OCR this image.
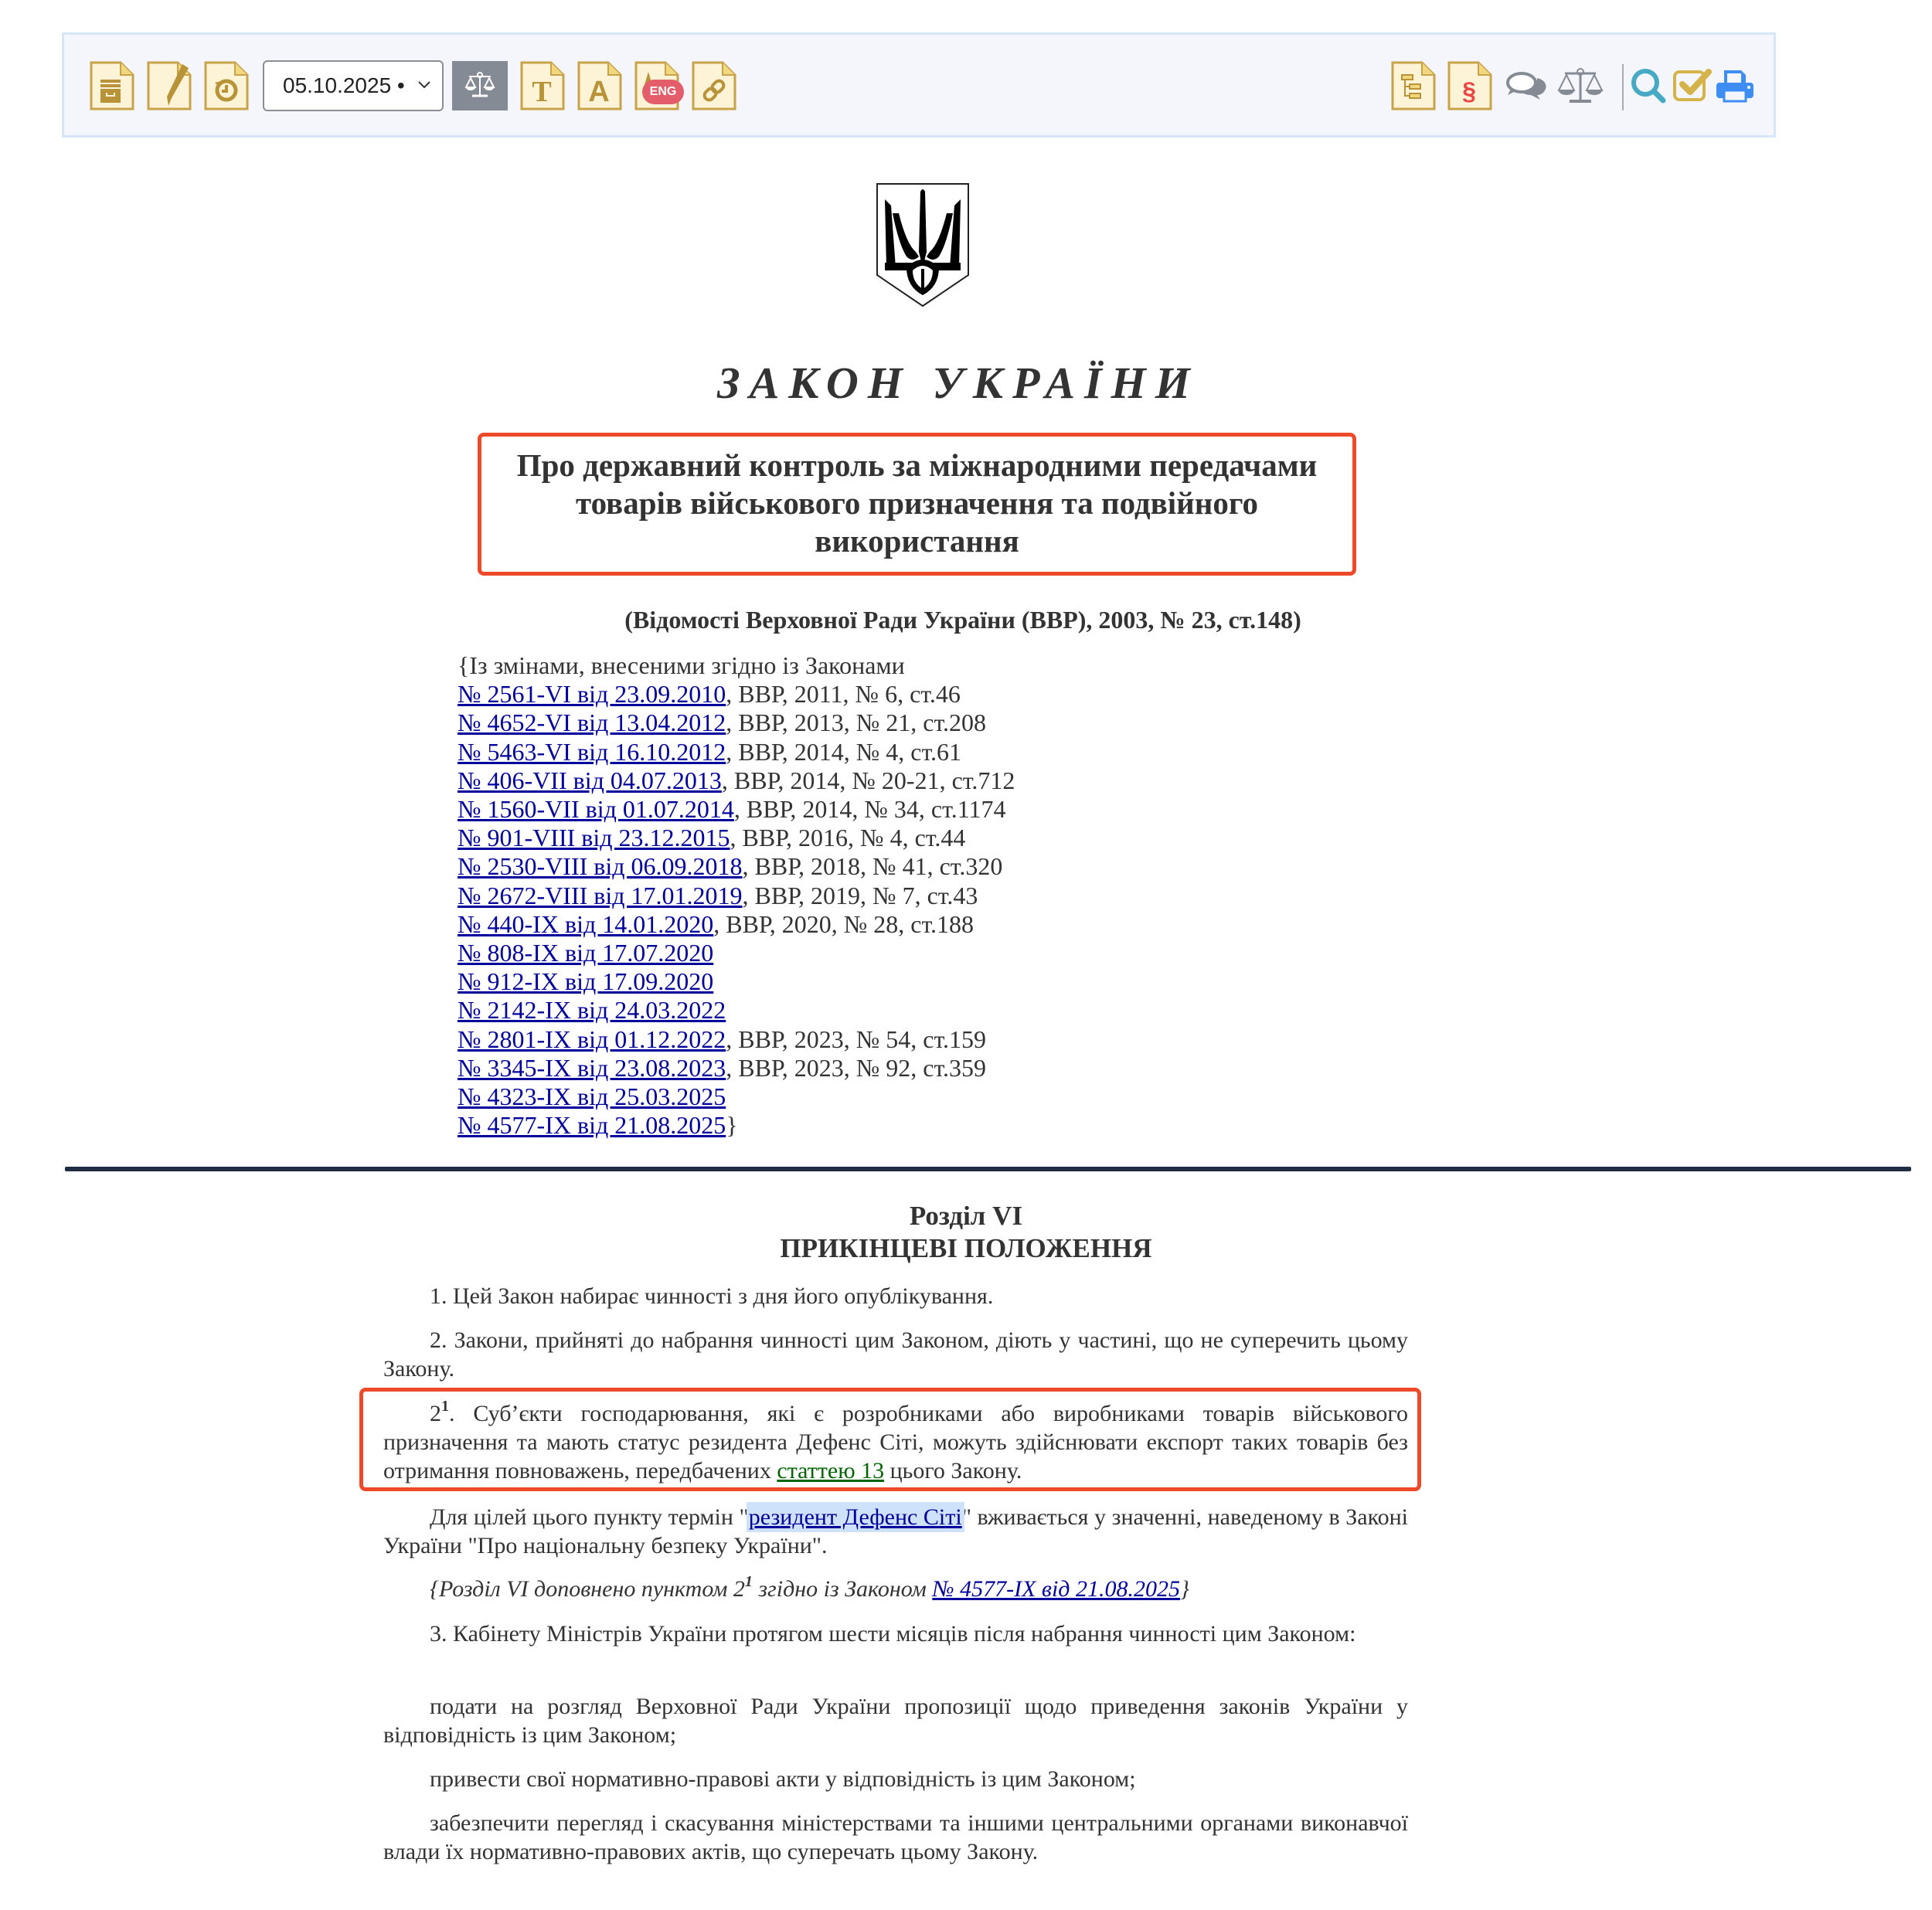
05.10.2025 •	T A	ENG	§
ЗАКОН УКРАЇНИ
Про державний контроль за міжнародними передачами
товарів військового призначення та подвійного
використання
(Відомості Верховної Ради України (ВВР), 2003, № 23, ст.148)
{Із змінами, внесеними згідно із Законами
№ 2561-VI від 23.09.2010, ВВР, 2011, № 6, ст.46
№ 4652-VI від 13.04.2012, ВВР, 2013, № 21, ст.208
№ 5463-VI від 16.10.2012, ВВР, 2014, № 4, ст.61
№ 406-VII від 04.07.2013, ВВР, 2014, № 20-21, ст.712
№ 1560-VII від 01.07.2014, ВВР, 2014, № 34, ст.1174
№ 901-VIII від 23.12.2015, ВВР, 2016, № 4, ст.44
№ 2530-VIII від 06.09.2018, ВВР, 2018, № 41, ст.320
№ 2672-VIII від 17.01.2019, ВВР, 2019, № 7, ст.43
№ 440-IX від 14.01.2020, ВВР, 2020, № 28, ст.188
№ 808-IX від 17.07.2020
№ 912-IX від 17.09.2020
№ 2142-IX від 24.03.2022
№ 2801-IX від 01.12.2022, ВВР, 2023, № 54, ст.159
№ 3345-IX від 23.08.2023, ВВР, 2023, № 92, ст.359
№ 4323-IX від 25.03.2025
№ 4577-IX від 21.08.2025}
Розділ VI
ПРИКІНЦЕВІ ПОЛОЖЕННЯ

1. Цей Закон набирає чинності з дня його опублікування.

2. Закони, прийняті до набрання чинності цим Законом, діють у частині, що не суперечить цьому Закону.

$2^1$. Суб’єкти господарювання, які є розробниками або виробниками товарів військового призначення та мають статус резидента Дефенс Сіті, можуть здійснювати експорт таких товарів без отримання повноважень, передбачених статтею 13 цього Закону.

Для цілей цього пункту термін "резидент Дефенс Сіті" вживається у значенні, наведеному в Законі України "Про національну безпеку України".

{Розділ VI доповнено пунктом $2^1$ згідно із Законом № 4577-IX від 21.08.2025}

3. Кабінету Міністрів України протягом шести місяців після набрання чинності цим Законом:

подати на розгляд Верховної Ради України пропозиції щодо приведення законів України у відповідність із цим Законом;

привести свої нормативно-правові акти у відповідність із цим Законом;

забезпечити перегляд і скасування міністерствами та іншими центральними органами виконавчої влади їх нормативно-правових актів, що суперечать цьому Закону.
